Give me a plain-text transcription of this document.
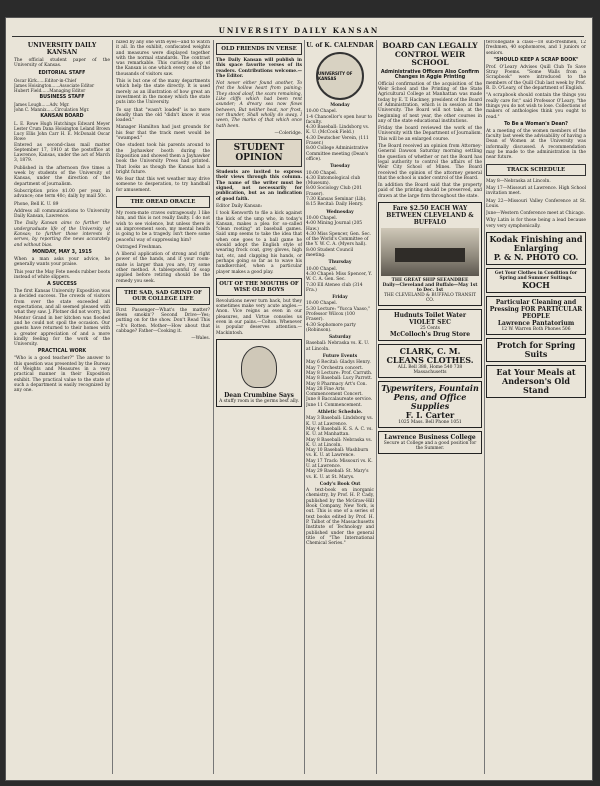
UNIVERSITY DAILY KANSAN
UNIVERSITY DAILY KANSAN

The official student paper of the University of Kansas.

EDITORIAL STAFF
Oscar Kirk......Editor-in-Chief
James Hoisington......Associate Editor
Hubert Field......Managing Editor
BUSINESS STAFF
James Lough......Adv. Mgr.
John C. Mannix......Circulation Mgr.
KANSAN BOARD

L. E. Rowe Hugh Hutchings Edward Meyer Lester Crum Dana Hoisington Leland Brown Lucy Ellis John Carr H. E. McDonald Oscar Rowe

Entered as second-class mail matter September 17, 1910 at the postoffice at Lawrence, Kansas, under the act of March 3, 1879.

Published in the afternoon five times a week by students of the University of Kansas, under the direction of the department of journalism.

Subscription price $1.00 per year, in advance; one term 40c; daily by mail 50c.

Phone, Bell K. U. 89

Address all communications to University Daily Kansan, Lawrence.

The Daily Kansan aims to further the undergraduate life of the University of Kansas; to further those interests it serves, by reporting the news accurately and without bias.

MONDAY, MAY 3, 1915

When a man asks your advice, he generally wants your praise.

This year the May Fete needs rubber boots instead of white slippers.

A SUCCESS

The first Kansas University Exposition was a decided success. The crowds of visitors from over the state exceeded all expectations, and all seemed pleased with what they saw. J. Plotner did not worry, but Mentor Grand in her kitchen was flooded and he could not spoil the occasion. Our guests have returned to their homes with a greater appreciation of and a more kindly feeling for the work of the University.

PRACTICAL WORK

"Who is a good teacher?" The answer to this question was presented by the Bureau of Weights and Measures in a very practical manner in their Exposition exhibit. The practical value to the state of such a department is easily recognized by any one.

nized by any one with eyes—and to watch it all. In the exhibit, confiscated weights and measures were displayed together with the normal standards. The contrast was remarkable. This curiosity shop of the Kansan is one which every one of the thousands of visitors saw.

This is but one of the many departments which help the state directly. It is used merely as an illustration of how great an investment in the money which the state puts into the University.

To say that "wasn't loaded" is no more deadly than the old "didn't know it was loaded."

Manager Hamilton had just grounds for his fear that the track meet would be "swamped."

One student took his parents around to the Jayhawker booth during the Exposition and showed them a Jayhawker book the University Press had printed. That looks as though the Kansas had a bright future.

We fear that this wet weather may drive someone to desperation, to try handball for amusement.

THE OREAD ORACLE

My room-mate craves outrageously. I like him, and this is not really faulty. I do not wish to see violence, but unless there is an improvement soon, my mental health is going to be a tragedy. Isn't there some peaceful way of suppressing him?

Outraged Freshman.

A liberal application of strong and right power of the hands, and if your room-mate is larger than you are, try some other method. A tablespoonful of soap applied before retiring should be the remedy you seek.

THE SAD, SAD GRIND OF OUR COLLEGE LIFE

First Passenger—What's the matter? Been smokin'? Second Drive—Yes; putting on for the show. Don't Read This—It's Rotten. Mother—How about that cabbage? Father—Cooking it.

—Wales.

OLD FRIENDS IN VERSE

The Daily Kansan will publish in this space favorite verses of its readers. Contributions welcome.—The Editor.

Not never either found another, To fret the hollow heart from paining; They stood aloof, the scars remaining, Like cliffs which had been rent asunder; A dreary sea now flows between, But neither heat, nor frost, nor thunder, Shall wholly do away, I ween, The marks of that which once hath been.

—Coleridge.

STUDENT OPINION

Students are invited to express their views through this column. The name of the writer must be signed, not necessarily for publication, but as an indication of good faith.

Editor Daily Kansan:

I took Kenworth to file a kick against the kick of the ump who, in today's Kansan, makes a plea for so-called "clean rooting" at baseball games. Said ump seems to take the idea that when one goes to a ball game he should adopt the English style of wearing frock coat, grey gloves, high hat, etc, and clapping his hands, or perhaps going so far as to wave his handkerchief, when a particular player makes a good play.

OUT OF THE MOUTHS OF WISE OLD BOYS

Revolutions never turn back, but they sometimes make very acute angles.—Anon. Vice reigns as even in our pleasures, and Virtue consoles us even in our pains.—Colton. Whenever is popular deserves attention.—Mackintosh.

Dean Crumbine Says
A stuffy room is the germs best ally.
U. of K. CALENDAR
UNIVERSITY OF KANSAS
Monday

10:00 Chapel.

1-4 Chancellor's open hour to faculty.

4:30 Baseball: Lindsborg vs. K. U. (McCook Field.)

4:30 Deutscher Verein, (111 Fraser.)

8:00 College Administrative Committee meeting (Dean's office).

Tuesday

10:00 Chapel.

4:30 Entomological club (Museum).

8:00 Sociology Club (201 Fraser).

7:30 Kansas Seminar (Lib).

8:15 Recital: Daily Henry.

Wednesday

10:00 Chapel.

4:00 Mining Journal (205 Haw.)

4:30 Miss Spencer, Gen. Sec. of the World's Committee of the Y. W. C. A. (Myers hall).

8:00 Student Council meeting.

Thursday

10:00 Chapel.

4:30 Chapel: Miss Spencer, Y. W. C. A. Gen. Sec.

7:30 Ell Ateneo club (314 Fra.)

Friday

10:00 Chapel.

5:30 Lecture: "Yucca Vaaso," Professor Wilcox (100 Fraser).

4:30 Sophomore party (Robinson).

Saturday

Baseball: Nebraska vs. K. U. at Lincoln.

Future Events

May 6 Recital: Gladys Henry.

May 7 Orchestra concert.

May 8 Lecture: Prof. Carruth.

May 8 Baseball: Lucy Parrott.

May 8 Pharmacy Art's Con.

May 28 Fine Arts Commencement Concert.

June 8 Baccalaureate service.

June 11 Commencement.

Athletic Schedule.

May 3 Baseball: Lindsborg vs. K. U. at Lawrence.

May 4 Baseball: K. S. A. C. vs. K. U. at Manhattan.

May 8 Baseball: Nebraska vs. K. U. at Lincoln.

May 10 Baseball: Washburn vs. K. U. at Lawrence.

May 17 Track: Missouri vs. K. U. at Lawrence.

May 29 Baseball: St. Mary's vs. K. U. at St. Marys.

Cody's Book Out

A text-book on inorganic chemistry, by Prof. H. P. Cady, published by the McGraw-Hill Book Company, New York, is out. This is one of a series of text books edited by Prof. H. P. Talbot of the Massachusetts Institute of Technology and published under the general title of "The International Chemical Series."

BOARD CAN LEGALLY CONTROL WEIR SCHOOL
Administrative Officers Also Confirm Changes in Aggie Printing

Official confirmation of the acquisition of the Weir School and the Printing of the State Agricultural College at Manhattan was made today by E. T. Hackney, president of the Board of Administration, which is in session at the University. The Board will not take, at the beginning of next year, the other courses in any of the state educational institutions.

Friday the board reviewed the work of the University with the Department of Journalism. This will be an enlarged course.

The Board received an opinion from Attorney-General Dawson Saturday morning settling the question of whether or not the Board has legal authority to control the affairs of the Weir City School of Mines. The Board received the opinion of the attorney general that the school is under control of the Board.

In addition the Board said that the property paid of the printing should be preserved, and drawn at the large firm throughout the state.

Fare $2.50 EACH WAY BETWEEN CLEVELAND & BUFFALO
THE GREAT SHIP SEEANDBEE
Daily—Cleveland and Buffalo—May 1st to Dec. 1st
THE CLEVELAND & BUFFALO TRANSIT CO.
Hudnuts Toilet Water VIOLET SEC
25 Cents
McColloch's Drug Store
CLARK, C. M. CLEANS CLOTHES.
ALL Bell 388, Home 540 738 Massachusetts
Typewriters, Fountain Pens, and Office Supplies
F. I. Carter
1025 Mass. Bell Phone 1051
Lawrence Business College
Secure at College and a good position for the Summer.

tercollegiate a class—18 sub-freshmen, 12 freshmen, 40 sophomores, and 1 juniors or seniors.

"SHOULD KEEP A SCRAP BOOK"

Prof. O'Leary Advises Quill Club To Save Stray Poems. "Some Walls from a Scrapbook" were introduced to the members of the Quill Club last week by Prof. R. D. O'Leary, of the department of English.

"A scrapbook should contain the things you really care for," said Professor O'Leary, "the things you do not wish to lose. Collections of makers of anthologies think you ought to read."

To Be a Woman's Dean?

At a meeting of the women members of the faculty last week the advisability of having a Dean of Women at the University was informally discussed. A recommendation may be made to the administration in the near future.

TRACK SCHEDULE

May 8—Nebraska at Lincoln.

May 17—Missouri at Lawrence. High School invitation meet.

May 22—Missouri Valley Conference at St. Louis.

June—Western Conference meet at Chicago.

Why Latin is for those being a lead because very very symphonically.

Kodak Finishing and Enlarging
P. & N. PHOTO CO.
Get Your Clothes in Condition for Spring and Summer Suitings.
KOCH
Particular Cleaning and Pressing FOR PARTICULAR PEOPLE
Lawrence Pantatorium
12 W. Warren Both Phones 506
Protch for Spring Suits
Eat Your Meals at Anderson's Old Stand
